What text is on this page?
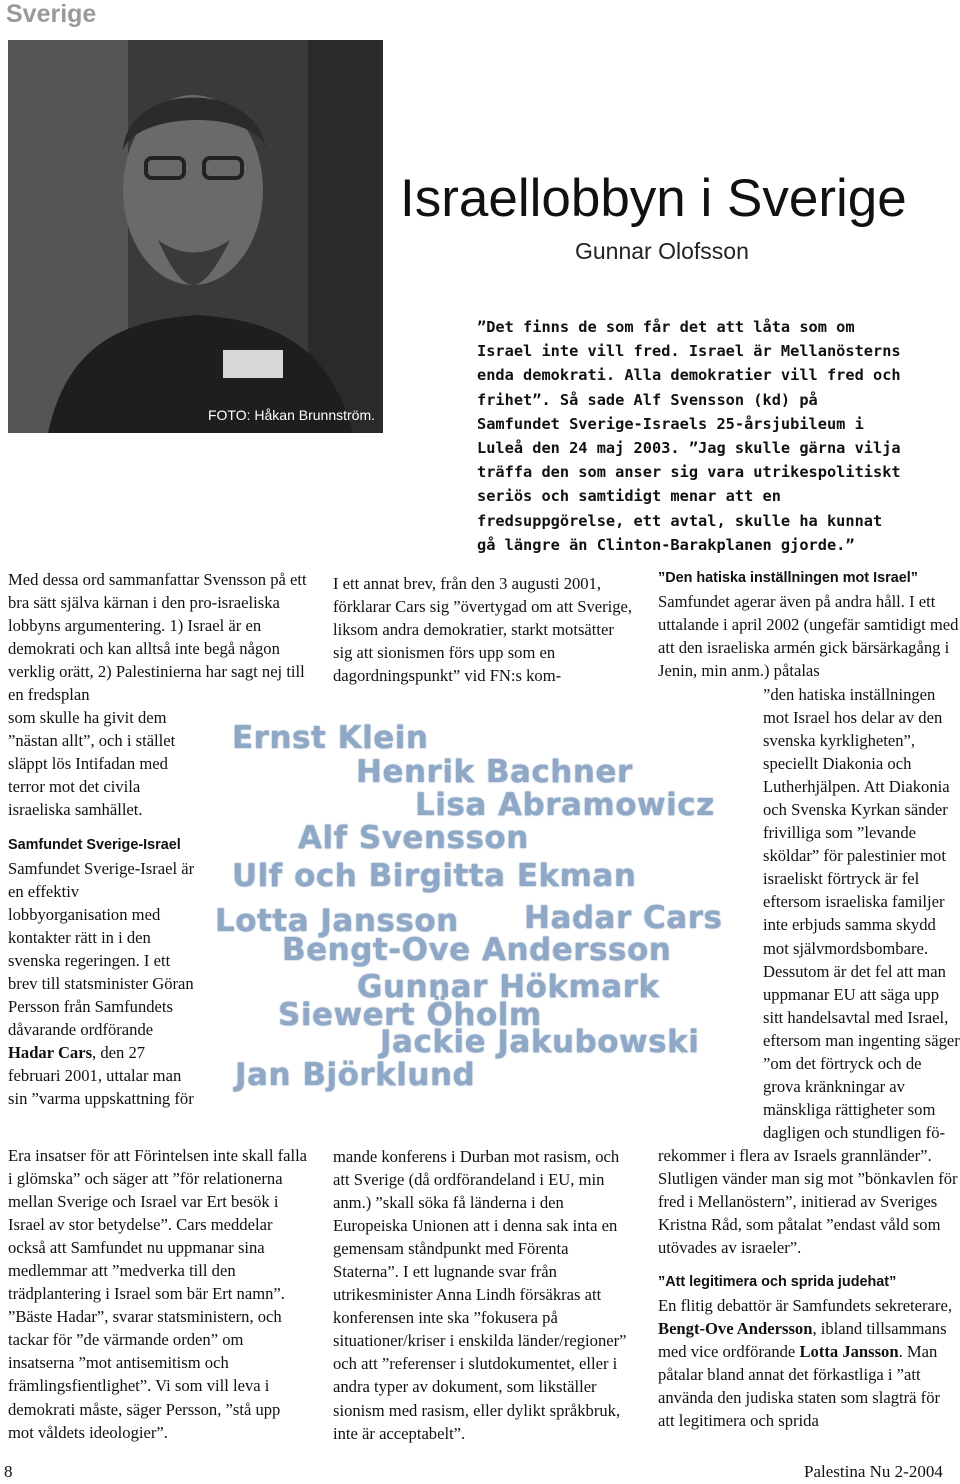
Sverige
FOTO: Håkan Brunnström.
Israellobbyn i Sverige
Gunnar Olofsson

”Det finns de som får det att låta som om Israel inte vill fred. Israel är Mellanösterns enda demokrati. Alla demokratier vill fred och frihet”. Så sade Alf Svensson (kd) på Samfundet Sverige-Israels 25-årsjubileum i Luleå den 24 maj 2003. ”Jag skulle gärna vilja träffa den som anser sig vara utrikespolitiskt seriös och samtidigt menar att en fredsuppgörelse, ett avtal, skulle ha kunnat gå längre än Clinton-Barakplanen gjorde.”

Med dessa ord sammanfattar Svensson på ett bra sätt själva kärnan i den pro-israeliska lobbyns argumentering. 1) Israel är en demokrati och kan alltså inte begå någon verklig orätt, 2) Palestinierna har sagt nej till en fredsplan

som skulle ha givit dem ”nästan allt”, och i stället släppt lös Intifadan med terror mot det civila israeliska samhället.

Samfundet Sverige-Israel

Samfundet Sverige-Israel är en effektiv lobbyorganisation med kontakter rätt in i den svenska regeringen. I ett brev till statsminister Göran Persson från Samfundets dåvarande ordförande Hadar Cars, den 27 februari 2001, uttalar man sin ”varma uppskattning för

Era insatser för att Förintelsen inte skall falla i glömska” och säger att ”för relationerna mellan Sverige och Israel var Ert besök i Israel av stor betydelse”. Cars meddelar också att Samfundet nu uppmanar sina medlemmar att ”medverka till den trädplantering i Israel som bär Ert namn”. ”Bäste Hadar”, svarar statsministern, och tackar för ”de värmande orden” om insatserna ”mot antisemitism och främlingsfientlighet”. Vi som vill leva i demokrati måste, säger Persson, ”stå upp mot våldets ideologier”.

I ett annat brev, från den 3 augusti 2001, förklarar Cars sig ”övertygad om att Sverige, liksom andra demokratier, starkt motsätter sig att sionismen förs upp som en dagordningspunkt” vid FN:s kom-

mande konferens i Durban mot rasism, och att Sverige (då ordförandeland i EU, min anm.) ”skall söka få länderna i den Europeiska Unionen att i denna sak inta en gemensam ståndpunkt med Förenta Staterna”. I ett lugnande svar från utrikesminister Anna Lindh försäkras att konferensen inte ska ”fokusera på situationer/kriser i enskilda länder/regioner” och att ”referenser i slutdokumentet, eller i andra typer av dokument, som likställer sionism med rasism, eller dylikt språkbruk, inte är acceptabelt”.

”Den hatiska inställningen mot Israel”

Samfundet agerar även på andra håll. I ett uttalande i april 2002 (ungefär samtidigt med att den israeliska armén gick bärsärkagång i Jenin, min anm.) påtalas

”den hatiska inställningen mot Israel hos delar av den svenska kyrkligheten”, speciellt Diakonia och Lutherhjälpen. Att Diakonia och Svenska Kyrkan sänder frivilliga som ”levande sköldar” för palestinier mot israeliskt förtryck är fel eftersom israeliska familjer inte erbjuds samma skydd mot självmordsbombare. Dessutom är det fel att man uppmanar EU att säga upp sitt handelsavtal med Israel, eftersom man ingenting säger ”om det förtryck och de grova kränkningar av mänskliga rättigheter som dagligen och stundligen fö-

rekommer i flera av Israels grannländer”. Slutligen vänder man sig mot ”bönkavlen för fred i Mellanöstern”, initierad av Sveriges Kristna Råd, som påtalat ”endast våld som utövades av israeler”.

”Att legitimera och sprida judehat”

En flitig debattör är Samfundets sekreterare, Bengt-Ove Andersson, ibland tillsammans med vice ordförande Lotta Jansson. Man påtalar bland annat det förkastliga i ”att använda den judiska staten som slagträ för att legitimera och sprida

Ernst Klein
Henrik Bachner
Lisa Abramowicz
Alf Svensson
Ulf och Birgitta Ekman
Lotta Jansson Hadar Cars
Bengt-Ove Andersson
Gunnar Hökmark
Siewert Öholm
Jackie Jakubowski
Jan Björklund
8	Palestina Nu 2-2004
